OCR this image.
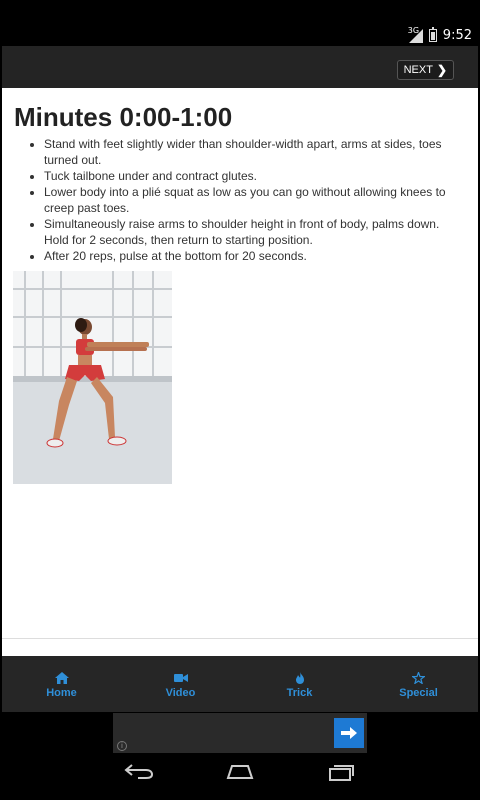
3G 9:52
NEXT ❯
Minutes 0:00-1:00
• Stand with feet slightly wider than shoulder-width apart, arms at sides, toes turned out.
• Tuck tailbone under and contract glutes.
• Lower body into a plié squat as low as you can go without allowing knees to creep past toes.
• Simultaneously raise arms to shoulder height in front of body, palms down. Hold for 2 seconds, then return to starting position.
• After 20 reps, pulse at the bottom for 20 seconds.
Home	Video	Trick	Special
i
